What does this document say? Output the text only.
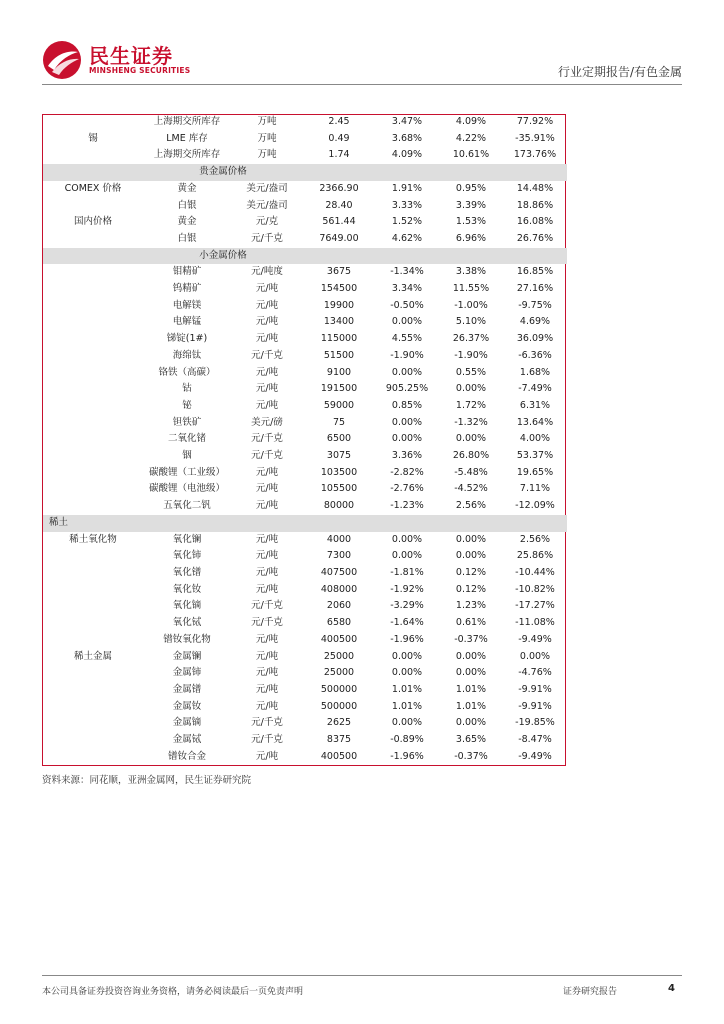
民生证券
MINSHENG SECURITIES	行业定期报告/有色金属
	上海期交所库存	万吨	2.45	3.47%	4.09%	77.92%
锡	LME 库存	万吨	0.49	3.68%	4.22%	-35.91%
	上海期交所库存	万吨	1.74	4.09%	10.61%	173.76%
	贵金属价格					
COMEX 价格	黄金	美元/盎司	2366.90	1.91%	0.95%	14.48%
	白银	美元/盎司	28.40	3.33%	3.39%	18.86%
国内价格	黄金	元/克	561.44	1.52%	1.53%	16.08%
	白银	元/千克	7649.00	4.62%	6.96%	26.76%
	小金属价格					
	钼精矿	元/吨度	3675	-1.34%	3.38%	16.85%
	钨精矿	元/吨	154500	3.34%	11.55%	27.16%
	电解镁	元/吨	19900	-0.50%	-1.00%	-9.75%
	电解锰	元/吨	13400	0.00%	5.10%	4.69%
	锑锭(1#)	元/吨	115000	4.55%	26.37%	36.09%
	海绵钛	元/千克	51500	-1.90%	-1.90%	-6.36%
	铬铁（高碳）	元/吨	9100	0.00%	0.55%	1.68%
	钴	元/吨	191500	905.25%	0.00%	-7.49%
	铋	元/吨	59000	0.85%	1.72%	6.31%
	钽铁矿	美元/磅	75	0.00%	-1.32%	13.64%
	二氧化锗	元/千克	6500	0.00%	0.00%	4.00%
	铟	元/千克	3075	3.36%	26.80%	53.37%
	碳酸锂（工业级）	元/吨	103500	-2.82%	-5.48%	19.65%
	碳酸锂（电池级）	元/吨	105500	-2.76%	-4.52%	7.11%
	五氧化二钒	元/吨	80000	-1.23%	2.56%	-12.09%
稀土						
稀土氧化物	氧化镧	元/吨	4000	0.00%	0.00%	2.56%
	氧化铈	元/吨	7300	0.00%	0.00%	25.86%
	氧化镨	元/吨	407500	-1.81%	0.12%	-10.44%
	氧化钕	元/吨	408000	-1.92%	0.12%	-10.82%
	氧化镝	元/千克	2060	-3.29%	1.23%	-17.27%
	氧化铽	元/千克	6580	-1.64%	0.61%	-11.08%
	镨钕氧化物	元/吨	400500	-1.96%	-0.37%	-9.49%
稀土金属	金属镧	元/吨	25000	0.00%	0.00%	0.00%
	金属铈	元/吨	25000	0.00%	0.00%	-4.76%
	金属镨	元/吨	500000	1.01%	1.01%	-9.91%
	金属钕	元/吨	500000	1.01%	1.01%	-9.91%
	金属镝	元/千克	2625	0.00%	0.00%	-19.85%
	金属铽	元/千克	8375	-0.89%	3.65%	-8.47%
	镨钕合金	元/吨	400500	-1.96%	-0.37%	-9.49%
资料来源：同花顺，亚洲金属网，民生证券研究院
本公司具备证券投资咨询业务资格，请务必阅读最后一页免责声明	证券研究报告	4
